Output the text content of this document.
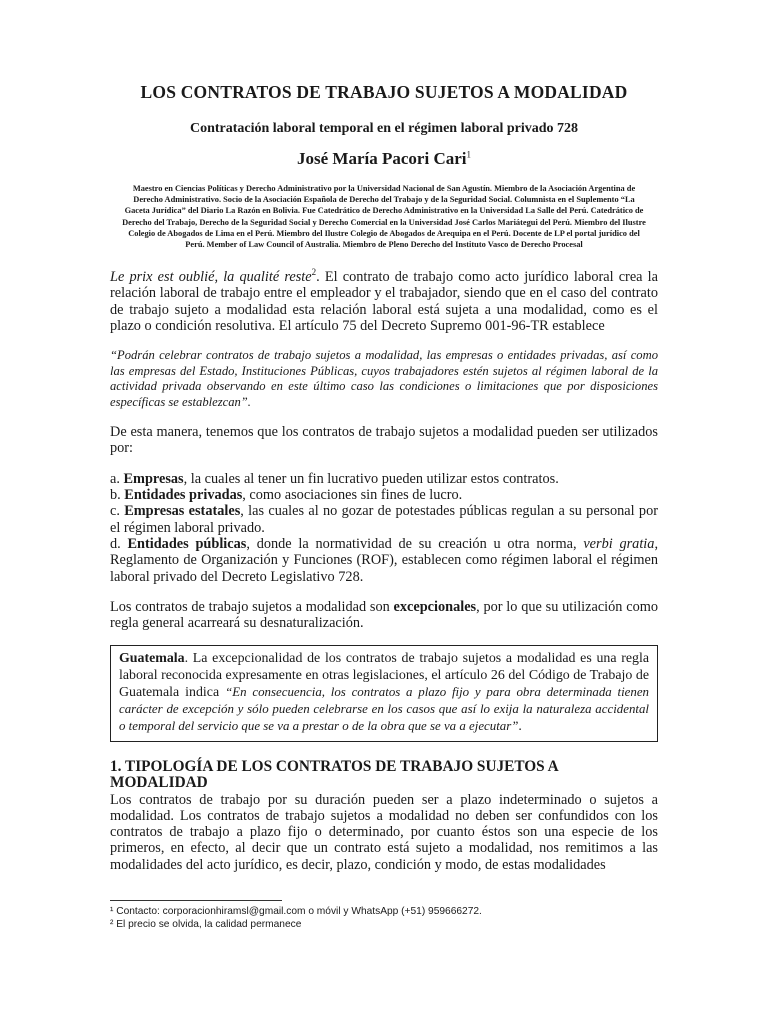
LOS CONTRATOS DE TRABAJO SUJETOS A MODALIDAD

Contratación laboral temporal en el régimen laboral privado 728

José María Pacori Cari$^1$

Maestro en Ciencias Políticas y Derecho Administrativo por la Universidad Nacional de San Agustín. Miembro de la Asociación Argentina de Derecho Administrativo. Socio de la Asociación Española de Derecho del Trabajo y de la Seguridad Social. Columnista en el Suplemento “La Gaceta Jurídica” del Diario La Razón en Bolivia. Fue Catedrático de Derecho Administrativo en la Universidad La Salle del Perú. Catedrático de Derecho del Trabajo, Derecho de la Seguridad Social y Derecho Comercial en la Universidad José Carlos Mariátegui del Perú. Miembro del Ilustre Colegio de Abogados de Lima en el Perú. Miembro del Ilustre Colegio de Abogados de Arequipa en el Perú. Docente de LP el portal jurídico del Perú. Member of Law Council of Australia. Miembro de Pleno Derecho del Instituto Vasco de Derecho Procesal

Le prix est oublié, la qualité reste$^2$. El contrato de trabajo como acto jurídico laboral crea la relación laboral de trabajo entre el empleador y el trabajador, siendo que en el caso del contrato de trabajo sujeto a modalidad esta relación laboral está sujeta a una modalidad, como es el plazo o condición resolutiva. El artículo 75 del Decreto Supremo 001-96-TR establece

“Podrán celebrar contratos de trabajo sujetos a modalidad, las empresas o entidades privadas, así como las empresas del Estado, Instituciones Públicas, cuyos trabajadores estén sujetos al régimen laboral de la actividad privada observando en este último caso las condiciones o limitaciones que por disposiciones específicas se establezcan”.

De esta manera, tenemos que los contratos de trabajo sujetos a modalidad pueden ser utilizados por:

a. Empresas, la cuales al tener un fin lucrativo pueden utilizar estos contratos.

b. Entidades privadas, como asociaciones sin fines de lucro.

c. Empresas estatales, las cuales al no gozar de potestades públicas regulan a su personal por el régimen laboral privado.

d. Entidades públicas, donde la normatividad de su creación u otra norma, verbi gratia, Reglamento de Organización y Funciones (ROF), establecen como régimen laboral el régimen laboral privado del Decreto Legislativo 728.

Los contratos de trabajo sujetos a modalidad son excepcionales, por lo que su utilización como regla general acarreará su desnaturalización.

Guatemala. La excepcionalidad de los contratos de trabajo sujetos a modalidad es una regla laboral reconocida expresamente en otras legislaciones, el artículo 26 del Código de Trabajo de Guatemala indica “En consecuencia, los contratos a plazo fijo y para obra determinada tienen carácter de excepción y sólo pueden celebrarse en los casos que así lo exija la naturaleza accidental o temporal del servicio que se va a prestar o de la obra que se va a ejecutar”.

1. TIPOLOGÍA DE LOS CONTRATOS DE TRABAJO SUJETOS A MODALIDAD

Los contratos de trabajo por su duración pueden ser a plazo indeterminado o sujetos a modalidad. Los contratos de trabajo sujetos a modalidad no deben ser confundidos con los contratos de trabajo a plazo fijo o determinado, por cuanto éstos son una especie de los primeros, en efecto, al decir que un contrato está sujeto a modalidad, nos remitimos a las modalidades del acto jurídico, es decir, plazo, condición y modo, de estas modalidades

¹ Contacto: corporacionhiramsl@gmail.com o móvil y WhatsApp (+51) 959666272.

² El precio se olvida, la calidad permanece
